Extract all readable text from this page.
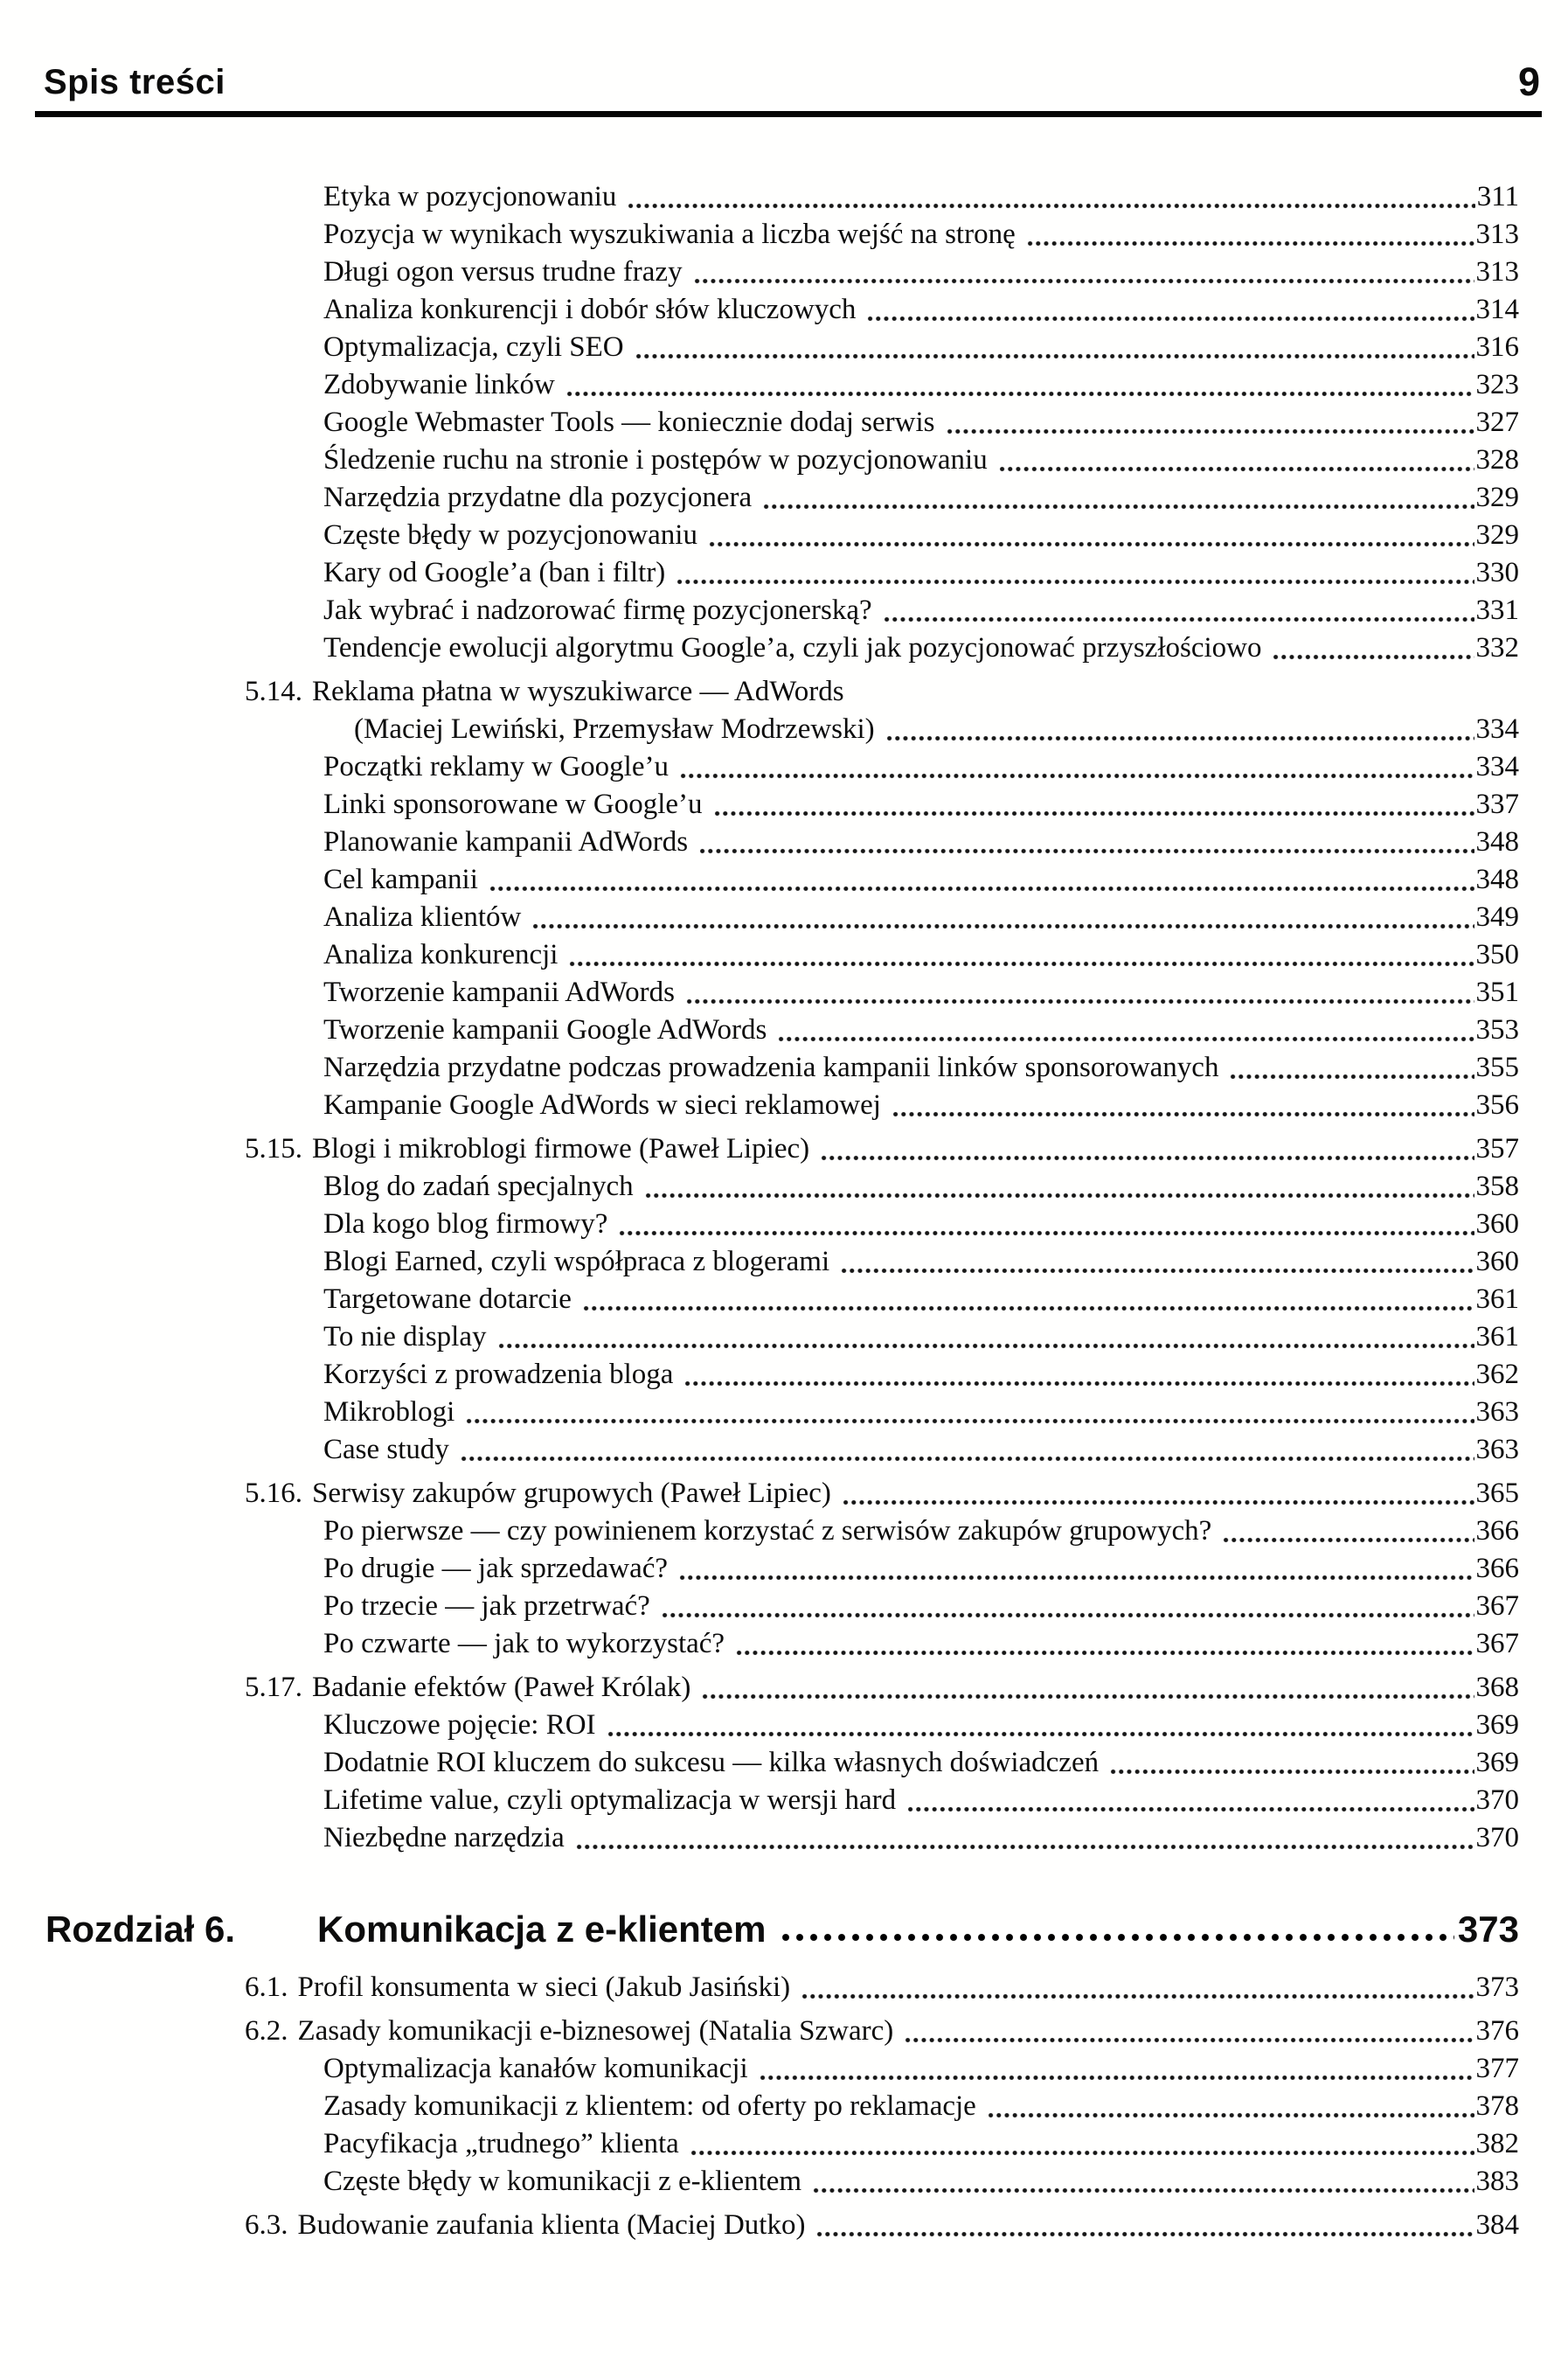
Spis treści	9
Etyka w pozycjonowaniu	311
Pozycja w wynikach wyszukiwania a liczba wejść na stronę	313
Długi ogon versus trudne frazy	313
Analiza konkurencji i dobór słów kluczowych	314
Optymalizacja, czyli SEO	316
Zdobywanie linków	323
Google Webmaster Tools — koniecznie dodaj serwis	327
Śledzenie ruchu na stronie i postępów w pozycjonowaniu	328
Narzędzia przydatne dla pozycjonera	329
Częste błędy w pozycjonowaniu	329
Kary od Google’a (ban i filtr)	330
Jak wybrać i nadzorować firmę pozycjonerską?	331
Tendencje ewolucji algorytmu Google’a, czyli jak pozycjonować przyszłościowo	332
5.14. Reklama płatna w wyszukiwarce — AdWords
(Maciej Lewiński, Przemysław Modrzewski)	334
Początki reklamy w Google’u	334
Linki sponsorowane w Google’u	337
Planowanie kampanii AdWords	348
Cel kampanii	348
Analiza klientów	349
Analiza konkurencji	350
Tworzenie kampanii AdWords	351
Tworzenie kampanii Google AdWords	353
Narzędzia przydatne podczas prowadzenia kampanii linków sponsorowanych	355
Kampanie Google AdWords w sieci reklamowej	356
5.15. Blogi i mikroblogi firmowe (Paweł Lipiec)	357
Blog do zadań specjalnych	358
Dla kogo blog firmowy?	360
Blogi Earned, czyli współpraca z blogerami	360
Targetowane dotarcie	361
To nie display	361
Korzyści z prowadzenia bloga	362
Mikroblogi	363
Case study	363
5.16. Serwisy zakupów grupowych (Paweł Lipiec)	365
Po pierwsze — czy powinienem korzystać z serwisów zakupów grupowych?	366
Po drugie — jak sprzedawać?	366
Po trzecie — jak przetrwać?	367
Po czwarte — jak to wykorzystać?	367
5.17. Badanie efektów (Paweł Królak)	368
Kluczowe pojęcie: ROI	369
Dodatnie ROI kluczem do sukcesu — kilka własnych doświadczeń	369
Lifetime value, czyli optymalizacja w wersji hard	370
Niezbędne narzędzia	370
Rozdział 6.	Komunikacja z e-klientem	373
6.1. Profil konsumenta w sieci (Jakub Jasiński)	373
6.2. Zasady komunikacji e-biznesowej (Natalia Szwarc)	376
Optymalizacja kanałów komunikacji	377
Zasady komunikacji z klientem: od oferty po reklamacje	378
Pacyfikacja „trudnego” klienta	382
Częste błędy w komunikacji z e-klientem	383
6.3. Budowanie zaufania klienta (Maciej Dutko)	384
